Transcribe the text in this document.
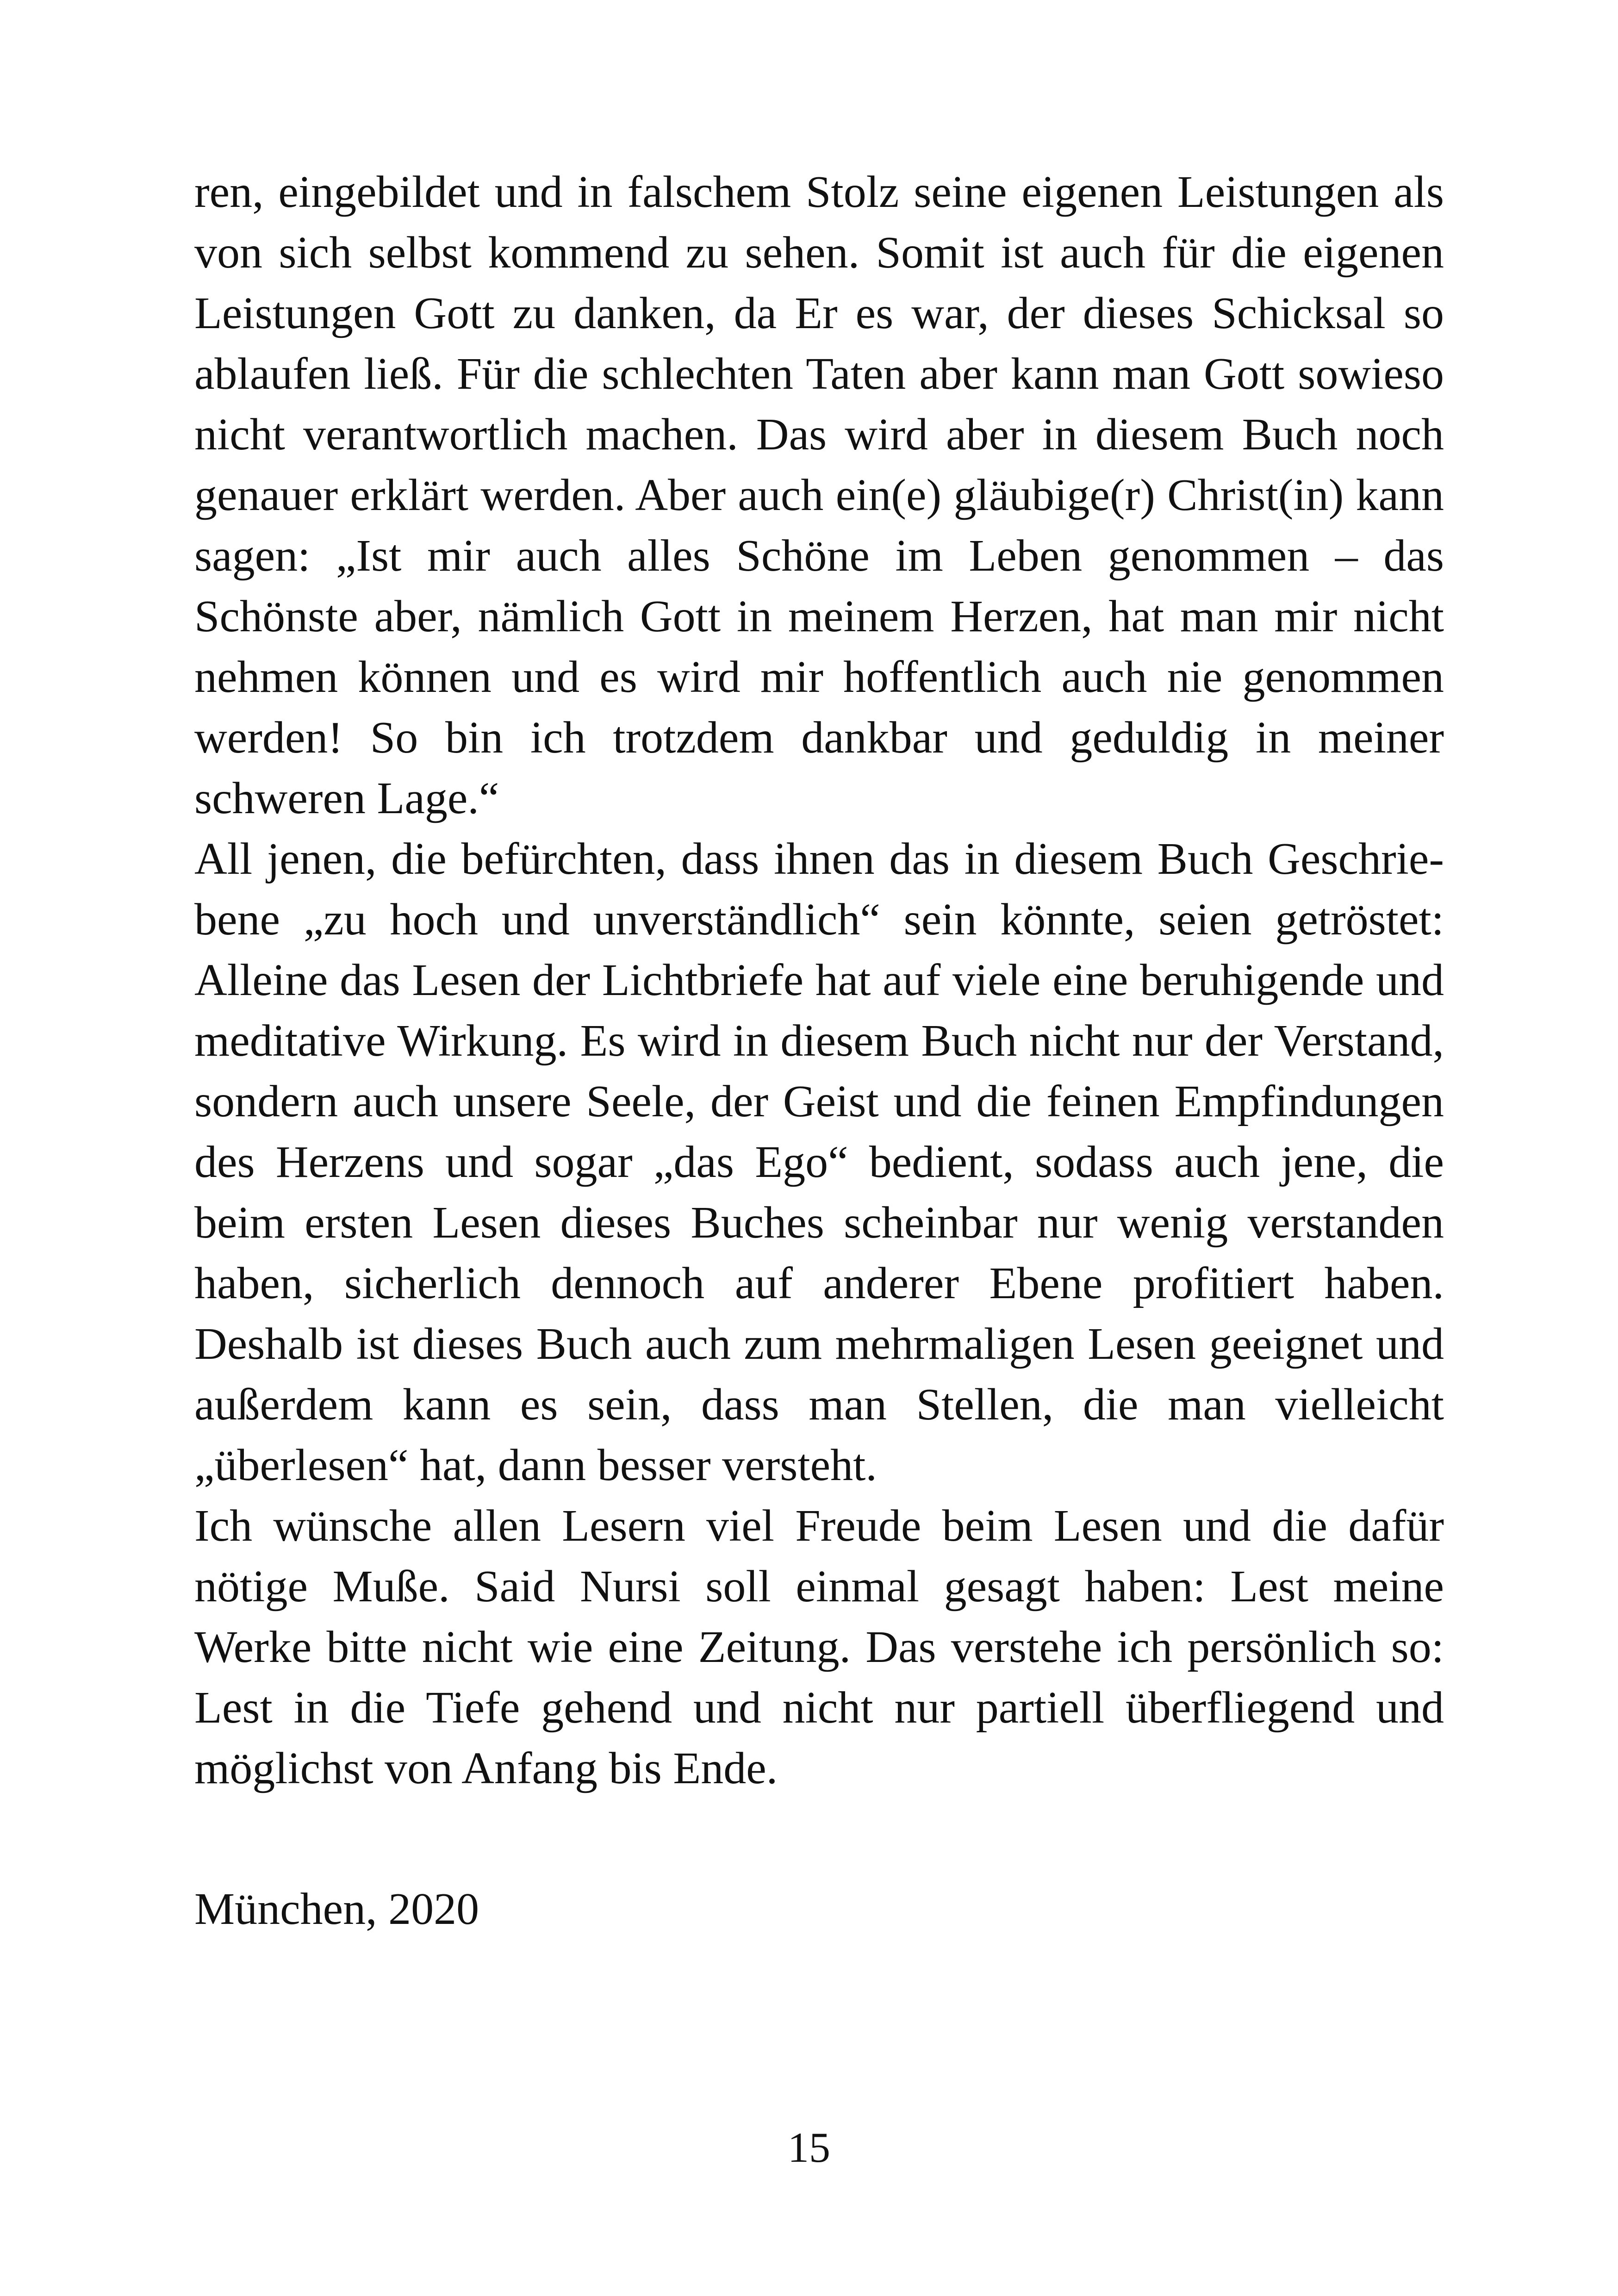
ren, eingebildet und in falschem Stolz seine eigenen Leistungen als von sich selbst kommend zu sehen. Somit ist auch für die eigenen Leistungen Gott zu danken, da Er es war, der dieses Schicksal so ablaufen ließ. Für die schlechten Taten aber kann man Gott sowieso nicht verantwortlich machen. Das wird aber in diesem Buch noch genauer erklärt werden. Aber auch ein(e) gläubige(r) Christ(in) kann sagen: „Ist mir auch alles Schöne im Leben genommen – das Schönste aber, nämlich Gott in meinem Herzen, hat man mir nicht nehmen können und es wird mir hoffentlich auch nie genommen werden! So bin ich trotzdem dankbar und geduldig in meiner schweren Lage.“

All jenen, die befürchten, dass ihnen das in diesem Buch Geschriebene „zu hoch und unverständlich“ sein könnte, seien getröstet: Alleine das Lesen der Lichtbriefe hat auf viele eine beruhigende und meditative Wirkung. Es wird in diesem Buch nicht nur der Verstand, sondern auch unsere Seele, der Geist und die feinen Empfindungen des Herzens und sogar „das Ego“ bedient, sodass auch jene, die beim ersten Lesen dieses Buches scheinbar nur wenig verstanden haben, sicherlich dennoch auf anderer Ebene profitiert haben. Deshalb ist dieses Buch auch zum mehrmaligen Lesen geeignet und außerdem kann es sein, dass man Stellen, die man vielleicht „überlesen“ hat, dann besser versteht.

Ich wünsche allen Lesern viel Freude beim Lesen und die dafür nötige Muße. Said Nursi soll einmal gesagt haben: Lest meine Werke bitte nicht wie eine Zeitung. Das verstehe ich persönlich so: Lest in die Tiefe gehend und nicht nur partiell überfliegend und möglichst von Anfang bis Ende.

München, 2020

15
